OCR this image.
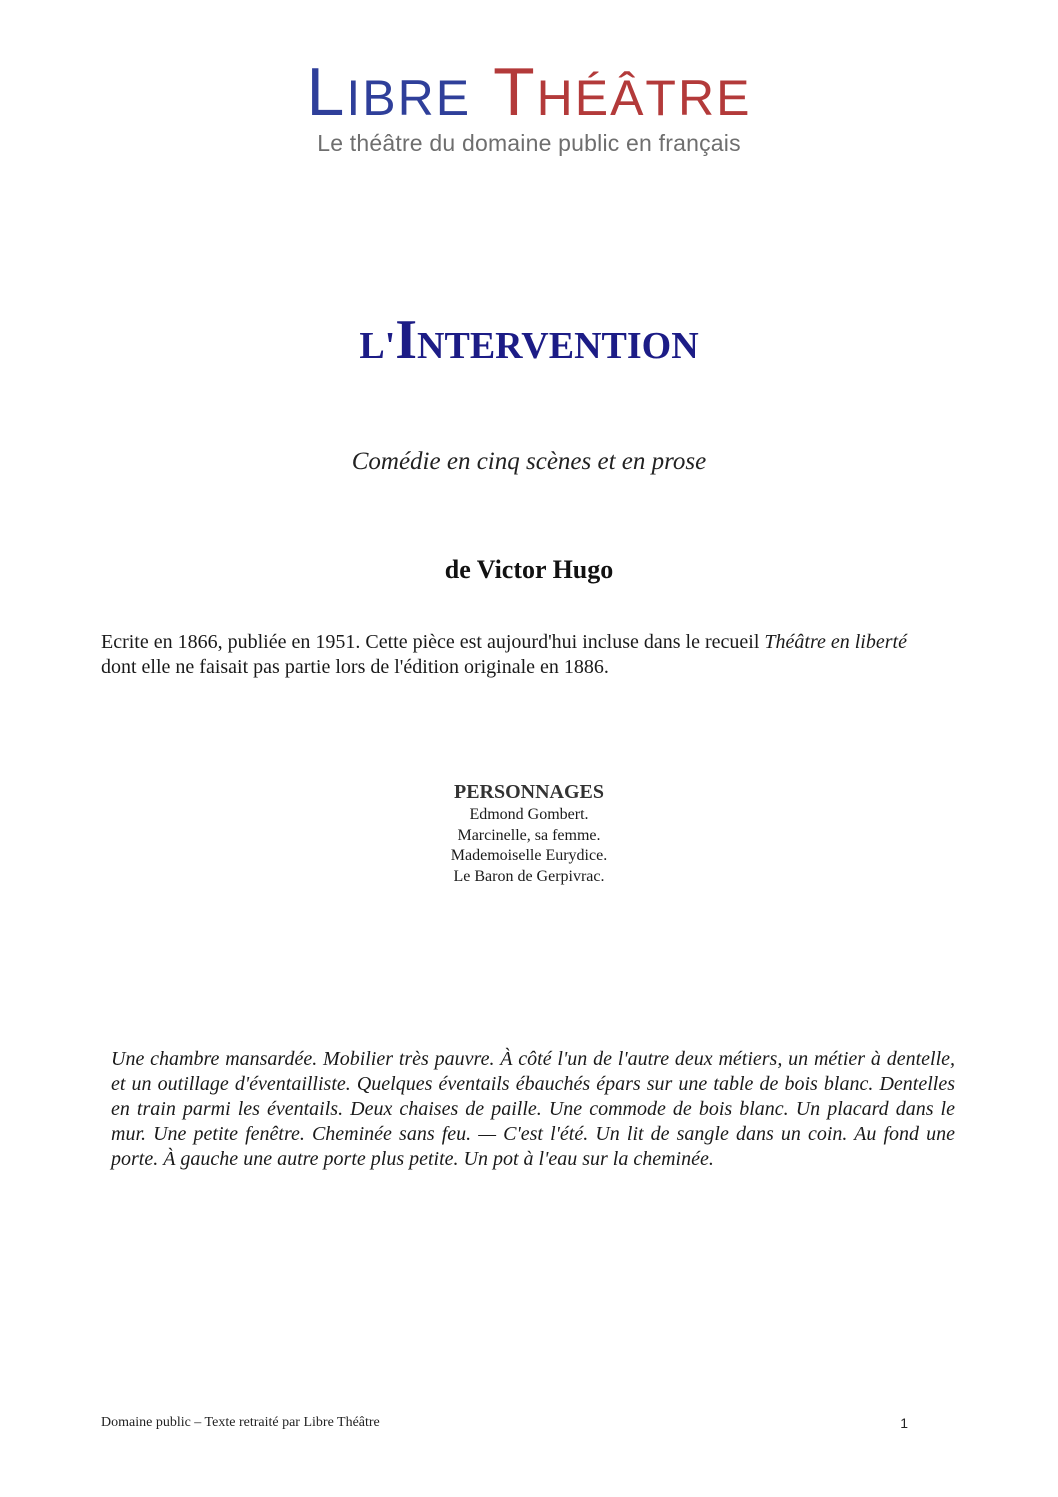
LIBRE THÉÂTRE
Le théâtre du domaine public en français
L'INTERVENTION
Comédie en cinq scènes et en prose
de Victor Hugo

Ecrite en 1866, publiée en 1951. Cette pièce est aujourd'hui incluse dans le recueil Théâtre en liberté dont elle ne faisait pas partie lors de l'édition originale en 1886.

PERSONNAGES
Edmond Gombert.
Marcinelle, sa femme.
Mademoiselle Eurydice.
Le Baron de Gerpivrac.

Une chambre mansardée. Mobilier très pauvre. À côté l'un de l'autre deux métiers, un métier à dentelle, et un outillage d'éventailliste. Quelques éventails ébauchés épars sur une table de bois blanc. Dentelles en train parmi les éventails. Deux chaises de paille. Une commode de bois blanc. Un placard dans le mur. Une petite fenêtre. Cheminée sans feu. — C'est l'été. Un lit de sangle dans un coin. Au fond une porte. À gauche une autre porte plus petite. Un pot à l'eau sur la cheminée.

Domaine public – Texte retraité par Libre Théâtre	1
